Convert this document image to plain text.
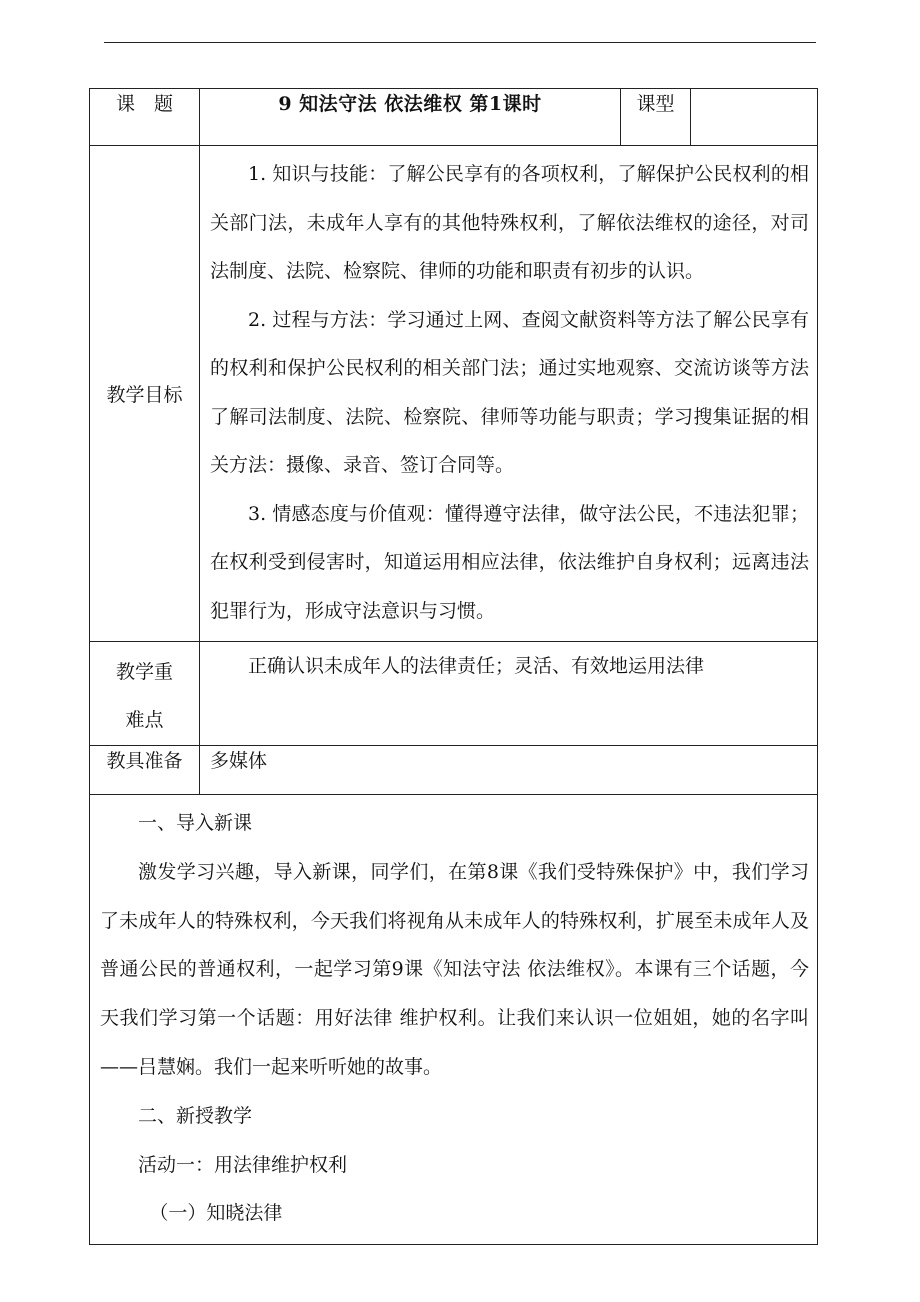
课　题	9 知法守法 依法维权 第1课时	课型	
教学目标	1. 知识与技能：了解公民享有的各项权利，了解保护公民权利的相关部门法，未成年人享有的其他特殊权利，了解依法维权的途径，对司法制度、法院、检察院、律师的功能和职责有初步的认识。

2. 过程与方法：学习通过上网、查阅文献资料等方法了解公民享有的权利和保护公民权利的相关部门法；通过实地观察、交流访谈等方法了解司法制度、法院、检察院、律师等功能与职责；学习搜集证据的相关方法：摄像、录音、签订合同等。

3. 情感态度与价值观：懂得遵守法律，做守法公民，不违法犯罪；在权利受到侵害时，知道运用相应法律，依法维护自身权利；远离违法犯罪行为，形成守法意识与习惯。		

教学重
难点	正确认识未成年人的法律责任；灵活、有效地运用法律		
教具准备	多媒体		

一、导入新课

激发学习兴趣，导入新课，同学们，在第8课《我们受特殊保护》中，我们学习了未成年人的特殊权利，今天我们将视角从未成年人的特殊权利，扩展至未成年人及普通公民的普通权利，一起学习第9课《知法守法 依法维权》。本课有三个话题，今天我们学习第一个话题：用好法律 维护权利。让我们来认识一位姐姐，她的名字叫——吕慧娴。我们一起来听听她的故事。

二、新授教学

活动一：用法律维护权利

（一）知晓法律			
